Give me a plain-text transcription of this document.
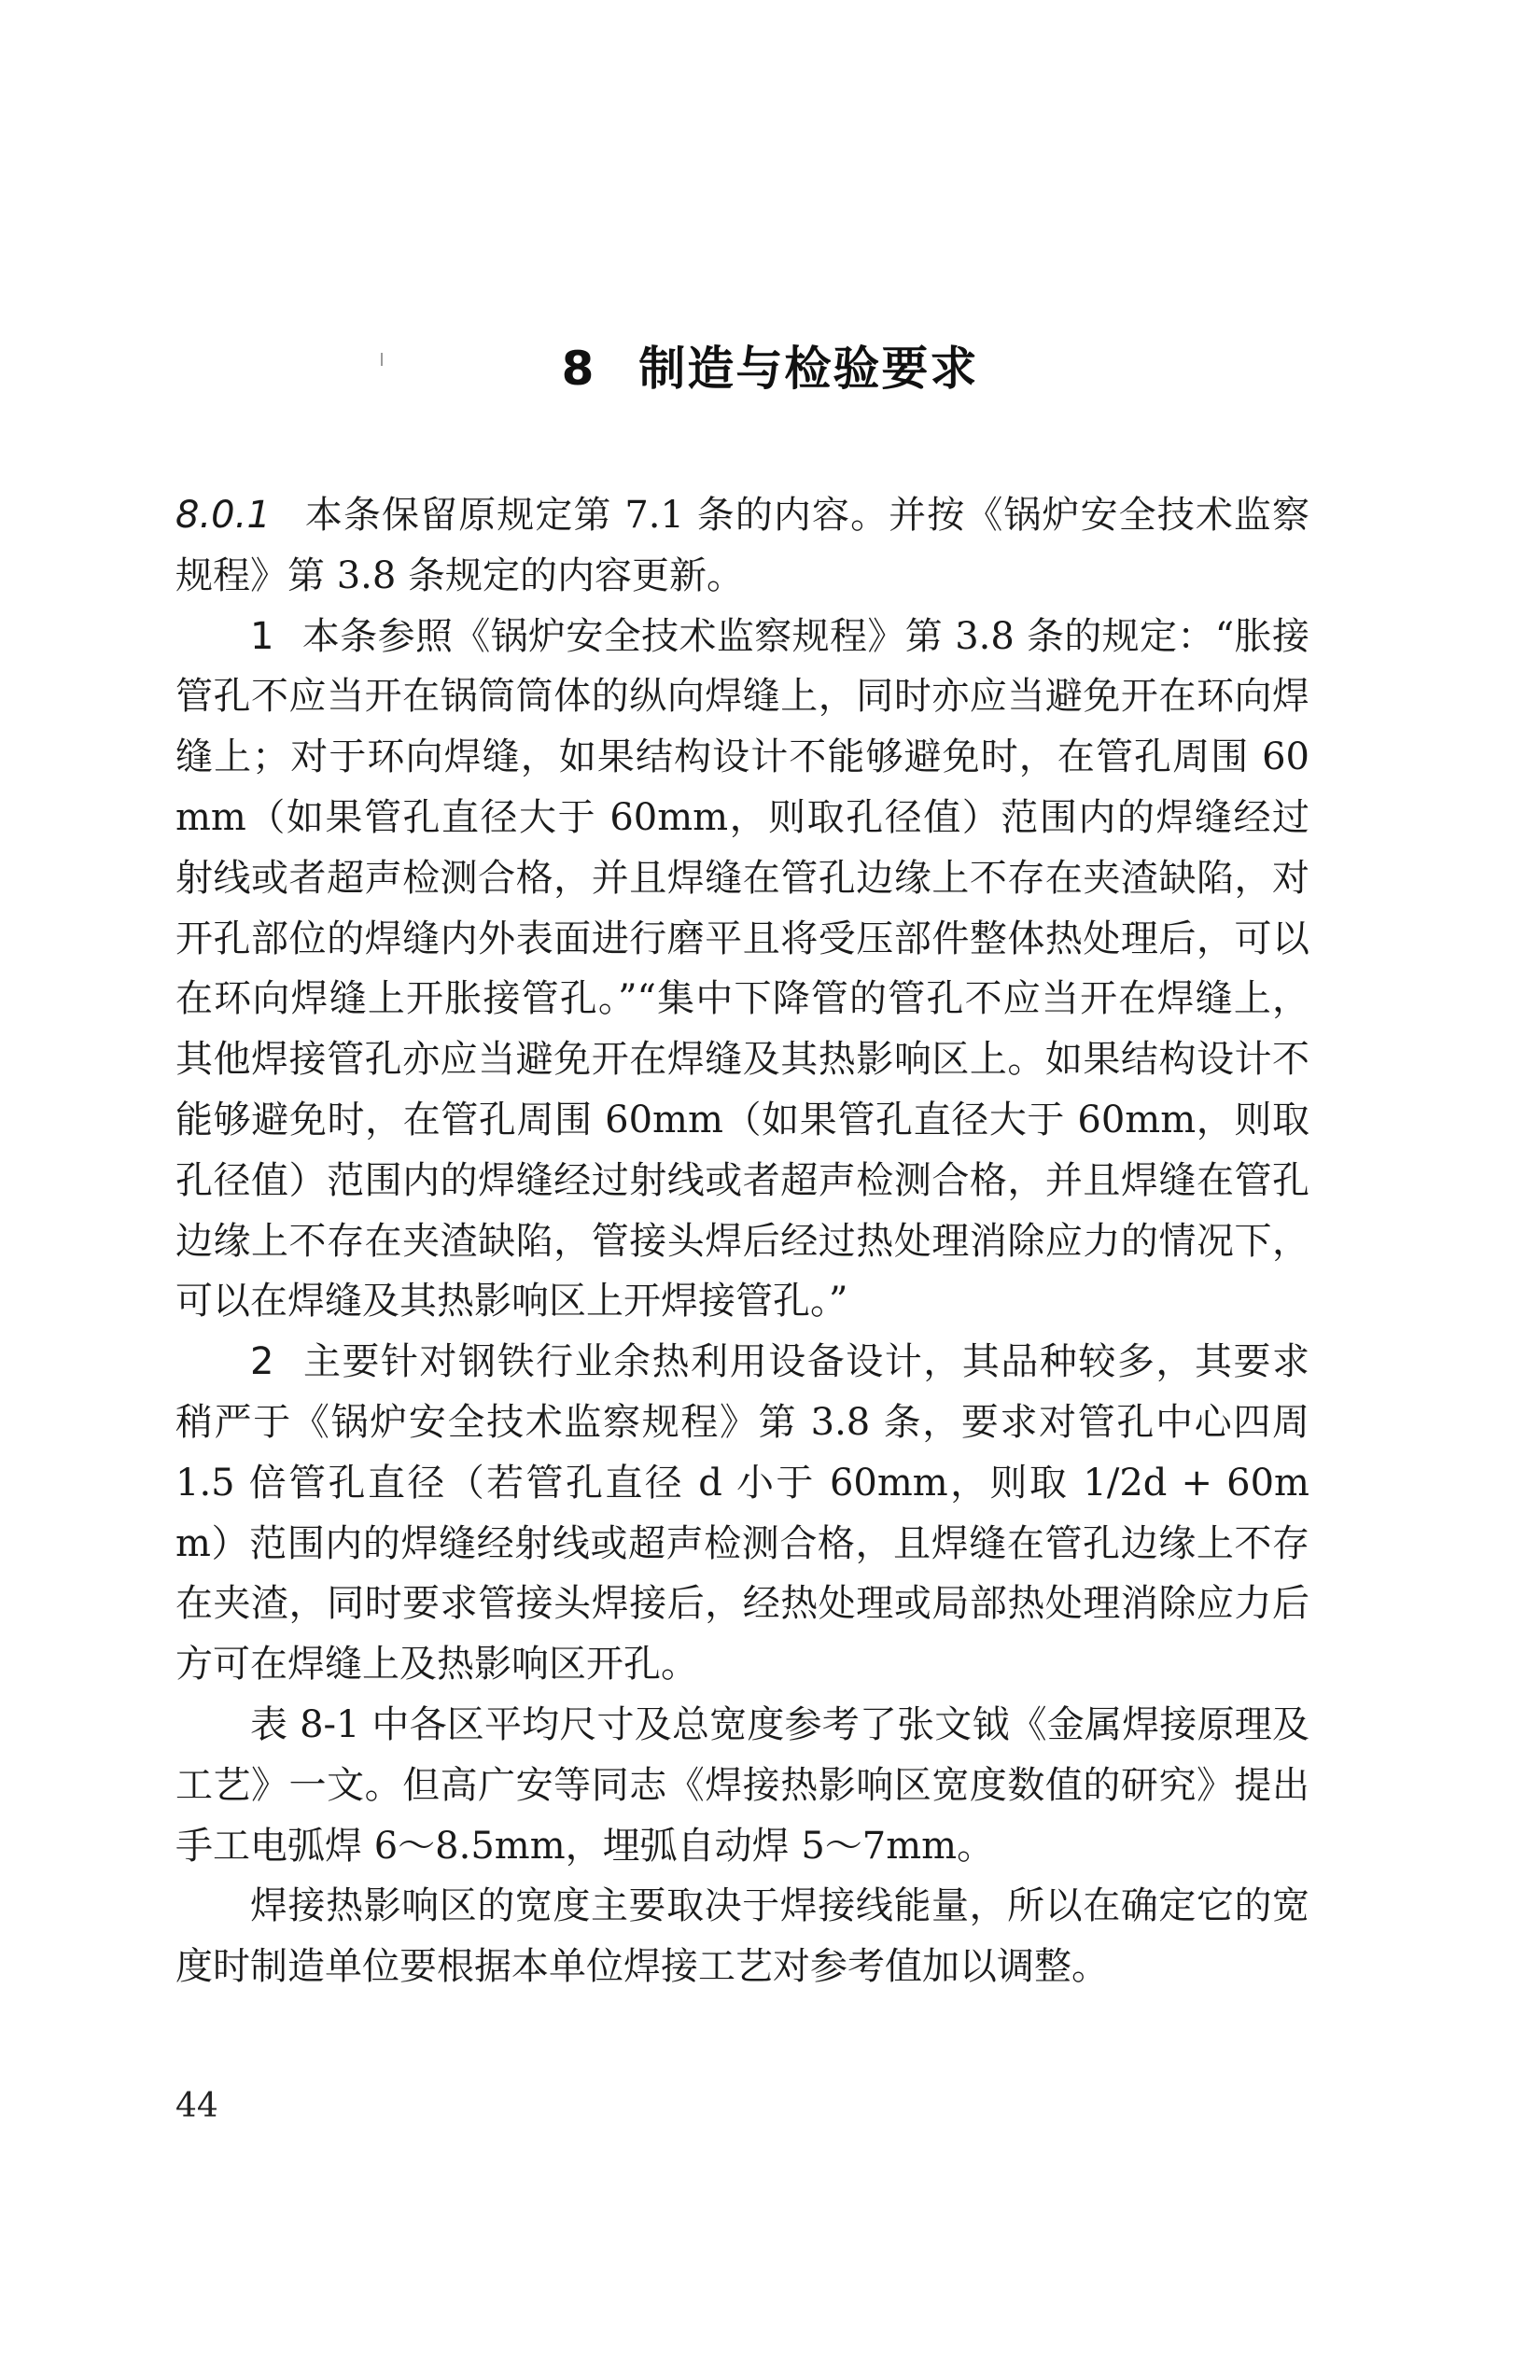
8 制造与检验要求

8.0.1 本条保留原规定第 7.1 条的内容。并按《锅炉安全技术监察规程》第 3.8 条规定的内容更新。

1 本条参照《锅炉安全技术监察规程》第 3.8 条的规定：“胀接管孔不应当开在锅筒筒体的纵向焊缝上，同时亦应当避免开在环向焊缝上；对于环向焊缝，如果结构设计不能够避免时，在管孔周围 60mm（如果管孔直径大于 60mm，则取孔径值）范围内的焊缝经过射线或者超声检测合格，并且焊缝在管孔边缘上不存在夹渣缺陷，对开孔部位的焊缝内外表面进行磨平且将受压部件整体热处理后，可以在环向焊缝上开胀接管孔。”“集中下降管的管孔不应当开在焊缝上，其他焊接管孔亦应当避免开在焊缝及其热影响区上。如果结构设计不能够避免时，在管孔周围 60mm（如果管孔直径大于 60mm，则取孔径值）范围内的焊缝经过射线或者超声检测合格，并且焊缝在管孔边缘上不存在夹渣缺陷，管接头焊后经过热处理消除应力的情况下，可以在焊缝及其热影响区上开焊接管孔。”

2 主要针对钢铁行业余热利用设备设计，其品种较多，其要求稍严于《锅炉安全技术监察规程》第 3.8 条，要求对管孔中心四周 1.5 倍管孔直径（若管孔直径 d 小于 60mm，则取 1/2d + 60mm）范围内的焊缝经射线或超声检测合格，且焊缝在管孔边缘上不存在夹渣，同时要求管接头焊接后，经热处理或局部热处理消除应力后方可在焊缝上及热影响区开孔。

表 8-1 中各区平均尺寸及总宽度参考了张文钺《金属焊接原理及工艺》一文。但高广安等同志《焊接热影响区宽度数值的研究》提出手工电弧焊 6～8.5mm，埋弧自动焊 5～7mm。

焊接热影响区的宽度主要取决于焊接线能量，所以在确定它的宽度时制造单位要根据本单位焊接工艺对参考值加以调整。

44
